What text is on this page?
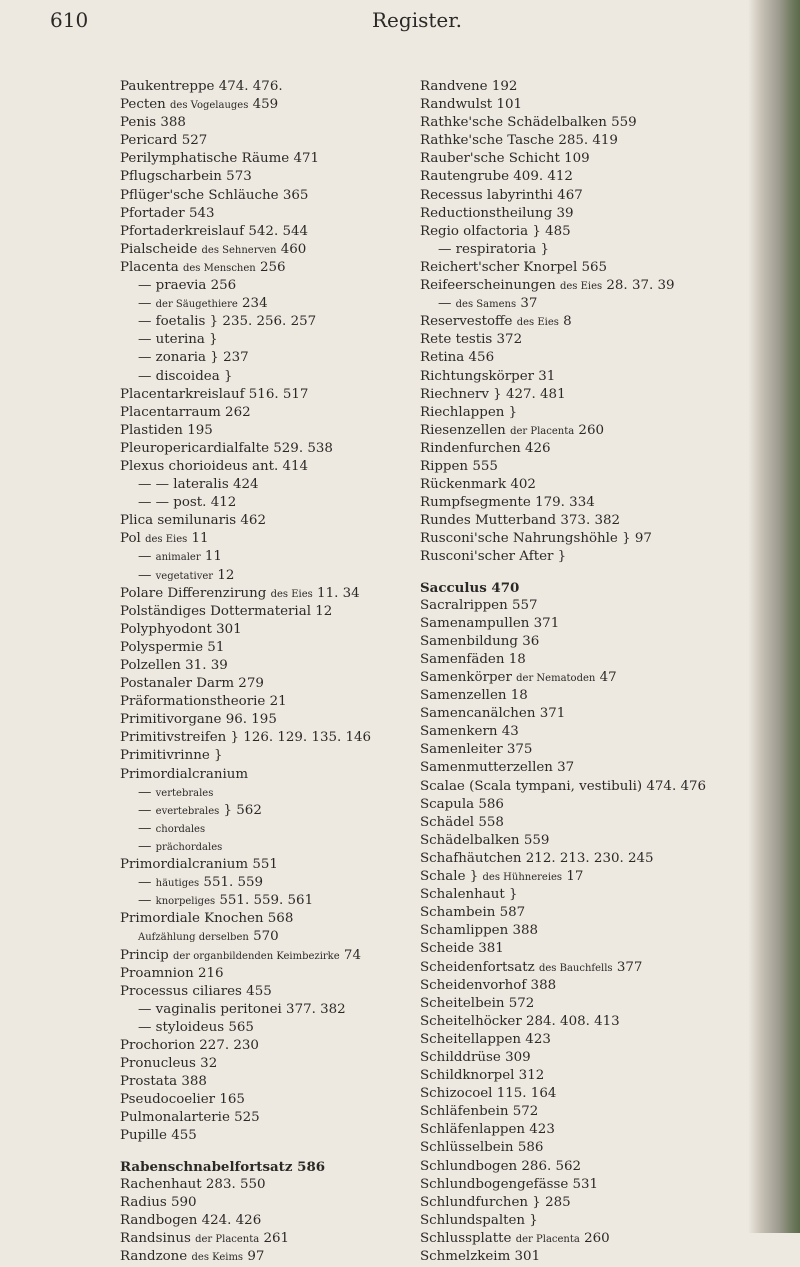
610	Register.
Paukentreppe 474. 476.
Pecten des Vogelauges 459
Penis 388
Pericard 527
Perilymphatische Räume 471
Pflugscharbein 573
Pflüger'sche Schläuche 365
Pfortader 543
Pfortaderkreislauf 542. 544
Pialscheide des Sehnerven 460
Placenta des Menschen 256
— praevia 256
— der Säugethiere 234
— foetalis } 235. 256. 257
— uterina }
— zonaria } 237
— discoidea }
Placentarkreislauf 516. 517
Placentarraum 262
Plastiden 195
Pleuropericardialfalte 529. 538
Plexus chorioideus ant. 414
— — lateralis 424
— — post. 412
Plica semilunaris 462
Pol des Eies 11
— animaler 11
— vegetativer 12
Polare Differenzirung des Eies 11. 34
Polständiges Dottermaterial 12
Polyphyodont 301
Polyspermie 51
Polzellen 31. 39
Postanaler Darm 279
Präformationstheorie 21
Primitivorgane 96. 195
Primitivstreifen } 126. 129. 135. 146
Primitivrinne }
Primordialcranium
— vertebrales
— evertebrales } 562
— chordales
— prächordales
Primordialcranium 551
— häutiges 551. 559
— knorpeliges 551. 559. 561
Primordiale Knochen 568
Aufzählung derselben 570
Princip der organbildenden Keimbezirke 74
Proamnion 216
Processus ciliares 455
— vaginalis peritonei 377. 382
— styloideus 565
Prochorion 227. 230
Pronucleus 32
Prostata 388
Pseudocoelier 165
Pulmonalarterie 525
Pupille 455
Rabenschnabelfortsatz 586
Rachenhaut 283. 550
Radius 590
Randbogen 424. 426
Randsinus der Placenta 261
Randzone des Keims 97
Randvene 192
Randwulst 101
Rathke'sche Schädelbalken 559
Rathke'sche Tasche 285. 419
Rauber'sche Schicht 109
Rautengrube 409. 412
Recessus labyrinthi 467
Reductionstheilung 39
Regio olfactoria } 485
— respiratoria }
Reichert'scher Knorpel 565
Reifeerscheinungen des Eies 28. 37. 39
— des Samens 37
Reservestoffe des Eies 8
Rete testis 372
Retina 456
Richtungskörper 31
Riechnerv } 427. 481
Riechlappen }
Riesenzellen der Placenta 260
Rindenfurchen 426
Rippen 555
Rückenmark 402
Rumpfsegmente 179. 334
Rundes Mutterband 373. 382
Rusconi'sche Nahrungshöhle } 97
Rusconi'scher After }
Sacculus 470
Sacralrippen 557
Samenampullen 371
Samenbildung 36
Samenfäden 18
Samenkörper der Nematoden 47
Samenzellen 18
Samencanälchen 371
Samenkern 43
Samenleiter 375
Samenmutterzellen 37
Scalae (Scala tympani, vestibuli) 474. 476
Scapula 586
Schädel 558
Schädelbalken 559
Schafhäutchen 212. 213. 230. 245
Schale } des Hühnereies 17
Schalenhaut }
Schambein 587
Schamlippen 388
Scheide 381
Scheidenfortsatz des Bauchfells 377
Scheidenvorhof 388
Scheitelbein 572
Scheitelhöcker 284. 408. 413
Scheitellappen 423
Schilddrüse 309
Schildknorpel 312
Schizocoel 115. 164
Schläfenbein 572
Schläfenlappen 423
Schlüsselbein 586
Schlundbogen 286. 562
Schlundbogengefässe 531
Schlundfurchen } 285
Schlundspalten }
Schlussplatte der Placenta 260
Schmelzkeim 301
